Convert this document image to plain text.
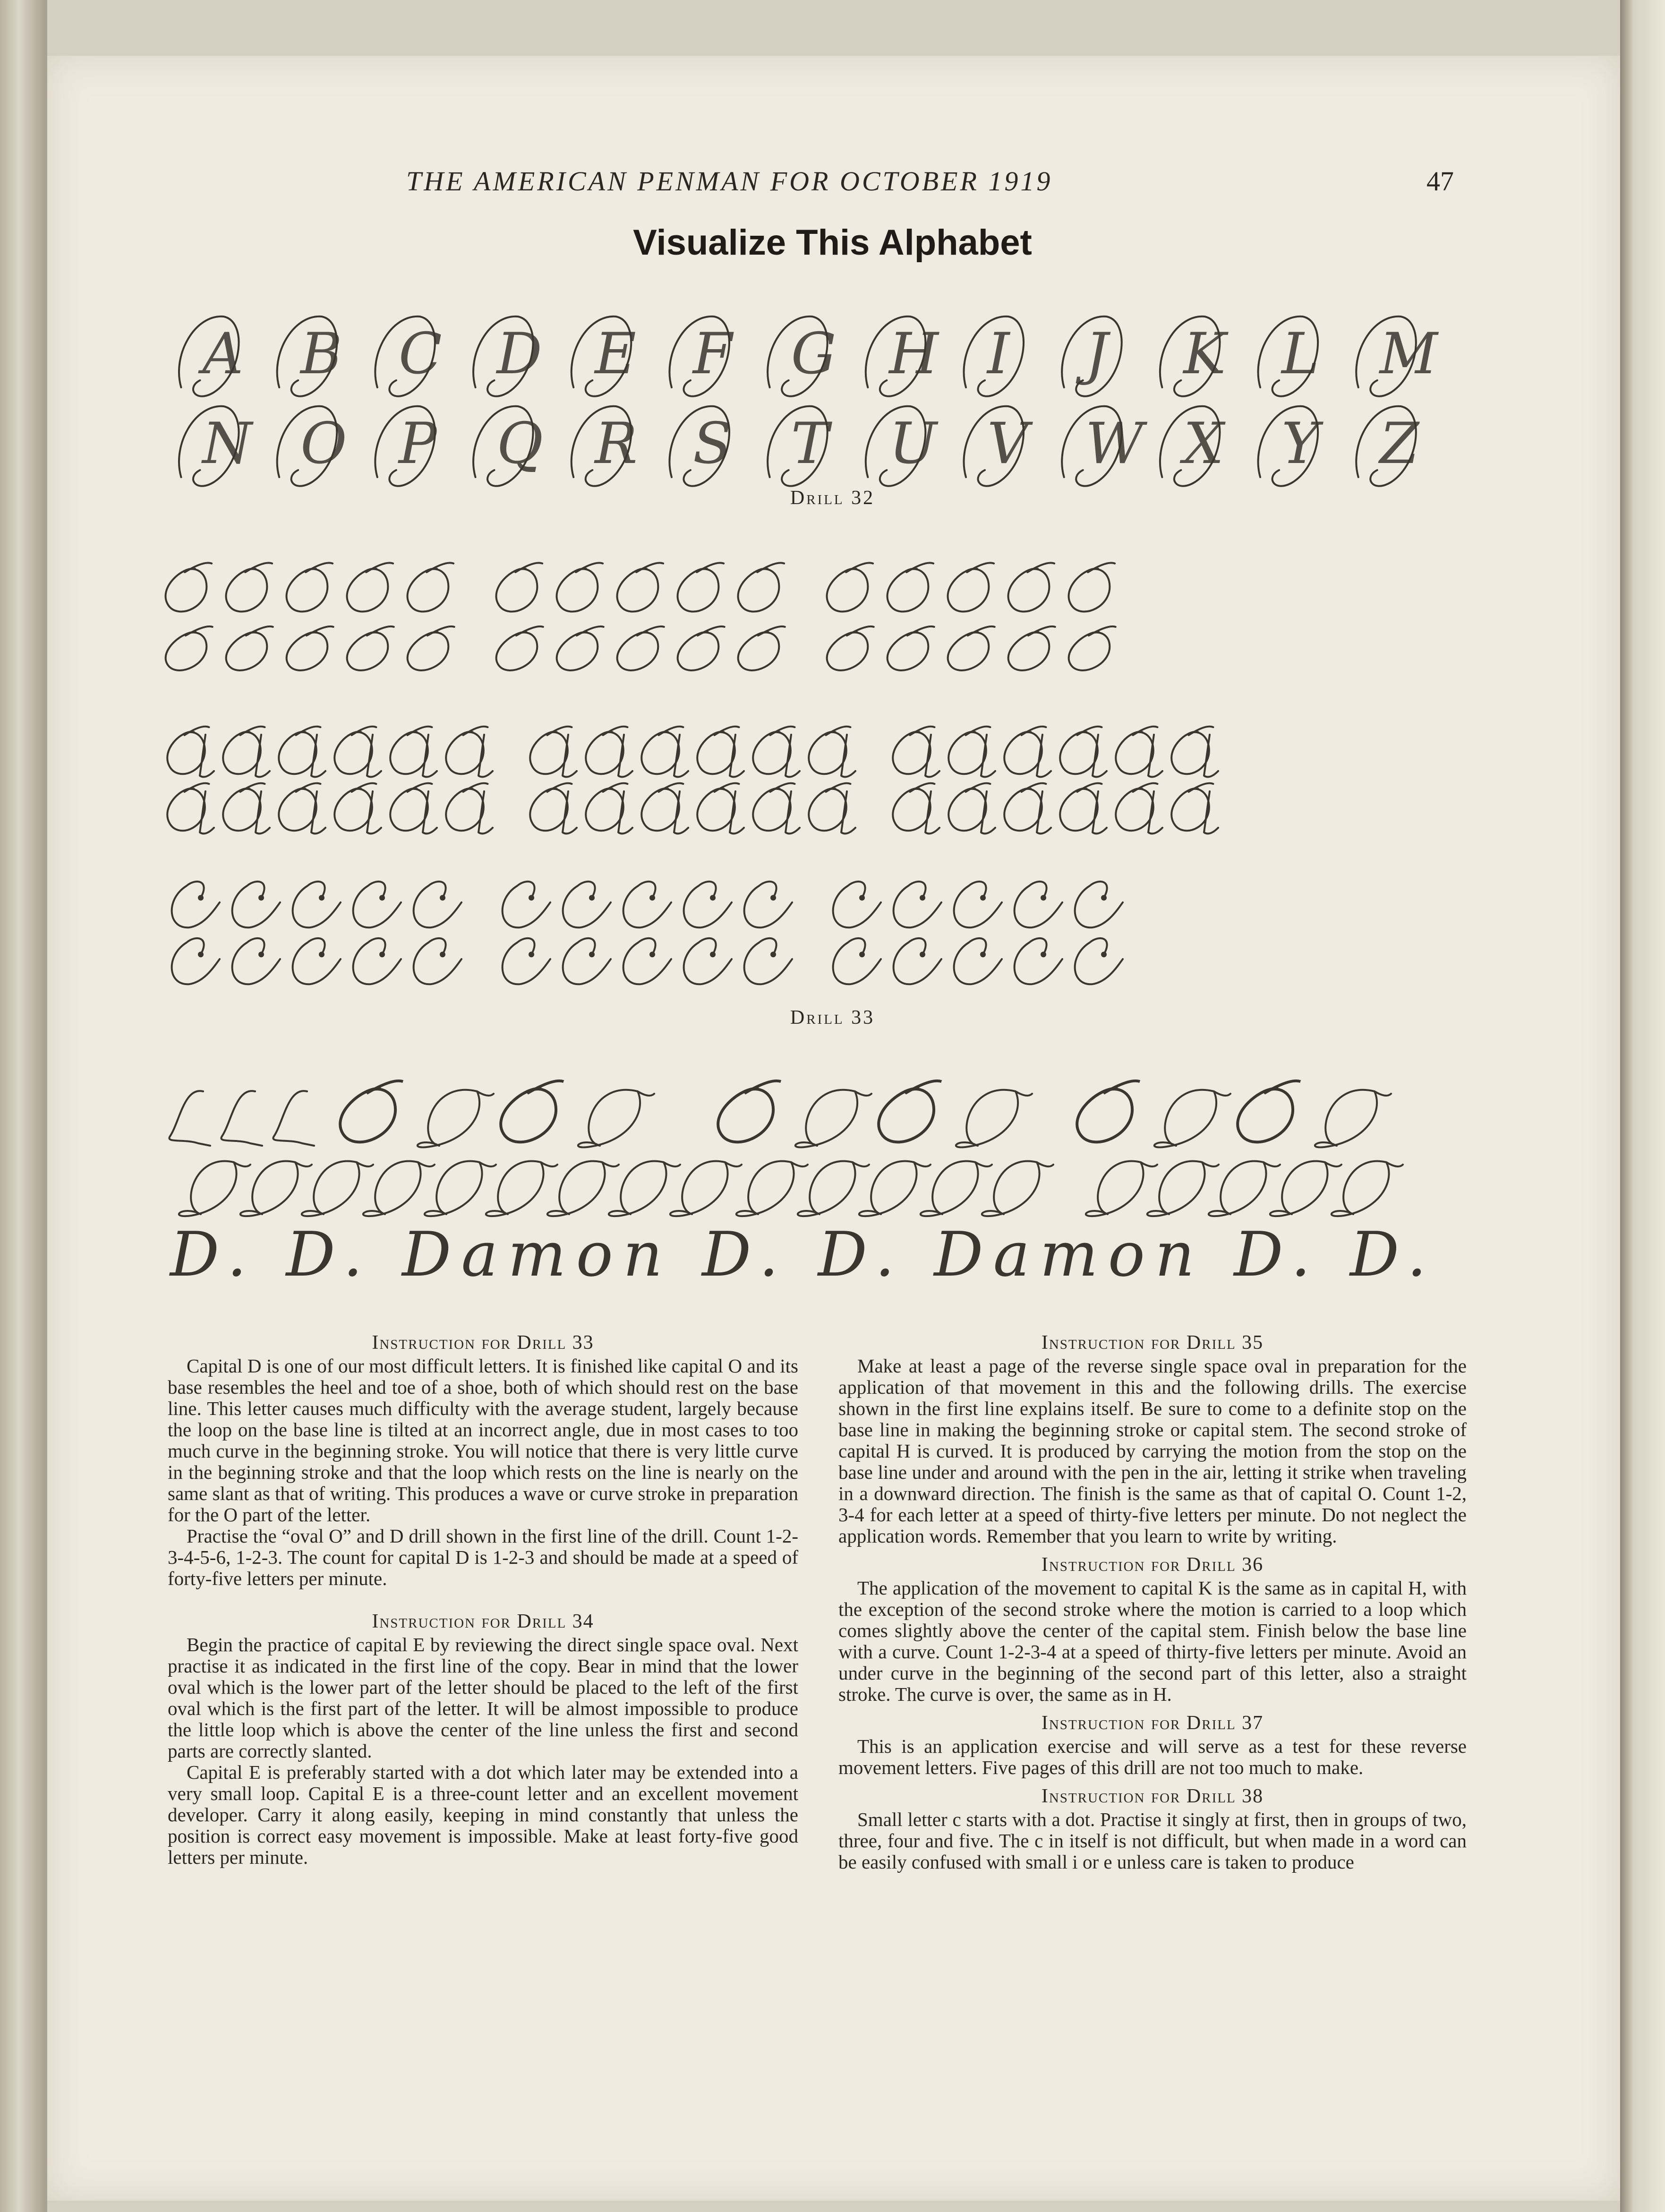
THE AMERICAN PENMAN FOR OCTOBER 1919	47
Visualize This Alphabet
A B C D E F G H I J K L M
N O P Q R S T U V W X Y Z
Drill 32
Drill 33
D. D. Damon D. D. Damon D. D.
Instruction for Drill 33

Capital D is one of our most difficult letters. It is finished like capital O and its base resembles the heel and toe of a shoe, both of which should rest on the base line. This letter causes much difficulty with the average student, largely because the loop on the base line is tilted at an incorrect angle, due in most cases to too much curve in the beginning stroke. You will notice that there is very little curve in the beginning stroke and that the loop which rests on the line is nearly on the same slant as that of writing. This produces a wave or curve stroke in preparation for the O part of the letter.

Practise the “oval O” and D drill shown in the first line of the drill. Count 1-2-3-4-5-6, 1-2-3. The count for capital D is 1-2-3 and should be made at a speed of forty-five letters per minute.

Instruction for Drill 34

Begin the practice of capital E by reviewing the direct single space oval. Next practise it as indicated in the first line of the copy. Bear in mind that the lower oval which is the lower part of the letter should be placed to the left of the first oval which is the first part of the letter. It will be almost impossible to produce the little loop which is above the center of the line unless the first and second parts are correctly slanted.

Capital E is preferably started with a dot which later may be extended into a very small loop. Capital E is a three-count letter and an excellent movement developer. Carry it along easily, keeping in mind constantly that unless the position is correct easy movement is impossible. Make at least forty-five good letters per minute.

Instruction for Drill 35

Make at least a page of the reverse single space oval in preparation for the application of that movement in this and the following drills. The exercise shown in the first line explains itself. Be sure to come to a definite stop on the base line in making the beginning stroke or capital stem. The second stroke of capital H is curved. It is produced by carrying the motion from the stop on the base line under and around with the pen in the air, letting it strike when traveling in a downward direction. The finish is the same as that of capital O. Count 1-2, 3-4 for each letter at a speed of thirty-five letters per minute. Do not neglect the application words. Remember that you learn to write by writing.

Instruction for Drill 36

The application of the movement to capital K is the same as in capital H, with the exception of the second stroke where the motion is carried to a loop which comes slightly above the center of the capital stem. Finish below the base line with a curve. Count 1-2-3-4 at a speed of thirty-five letters per minute. Avoid an under curve in the beginning of the second part of this letter, also a straight stroke. The curve is over, the same as in H.

Instruction for Drill 37

This is an application exercise and will serve as a test for these reverse movement letters. Five pages of this drill are not too much to make.

Instruction for Drill 38

Small letter c starts with a dot. Practise it singly at first, then in groups of two, three, four and five. The c in itself is not difficult, but when made in a word can be easily confused with small i or e unless care is taken to produce
